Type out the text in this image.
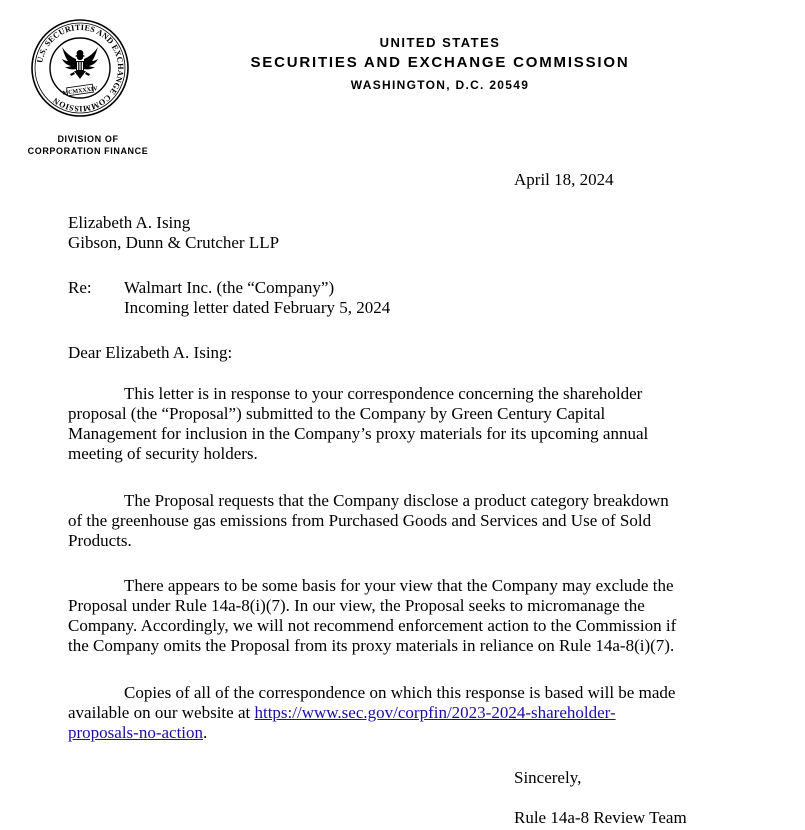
U.S. SECURITIES AND EXCHANGE COMMISSION
MCMXXXIV
UNITED STATES
SECURITIES AND EXCHANGE COMMISSION
WASHINGTON, D.C. 20549
DIVISION OF
CORPORATION FINANCE
April 18, 2024
Elizabeth A. Ising
Gibson, Dunn & Crutcher LLP
Re: Walmart Inc. (the “Company”)
Incoming letter dated February 5, 2024
Dear Elizabeth A. Ising:
This letter is in response to your correspondence concerning the shareholder
proposal (the “Proposal”) submitted to the Company by Green Century Capital
Management for inclusion in the Company’s proxy materials for its upcoming annual
meeting of security holders.
The Proposal requests that the Company disclose a product category breakdown
of the greenhouse gas emissions from Purchased Goods and Services and Use of Sold
Products.
There appears to be some basis for your view that the Company may exclude the
Proposal under Rule 14a-8(i)(7). In our view, the Proposal seeks to micromanage the
Company. Accordingly, we will not recommend enforcement action to the Commission if
the Company omits the Proposal from its proxy materials in reliance on Rule 14a-8(i)(7).
Copies of all of the correspondence on which this response is based will be made
available on our website at https://www.sec.gov/corpfin/2023-2024-shareholder-
proposals-no-action.
Sincerely,
Rule 14a-8 Review Team
